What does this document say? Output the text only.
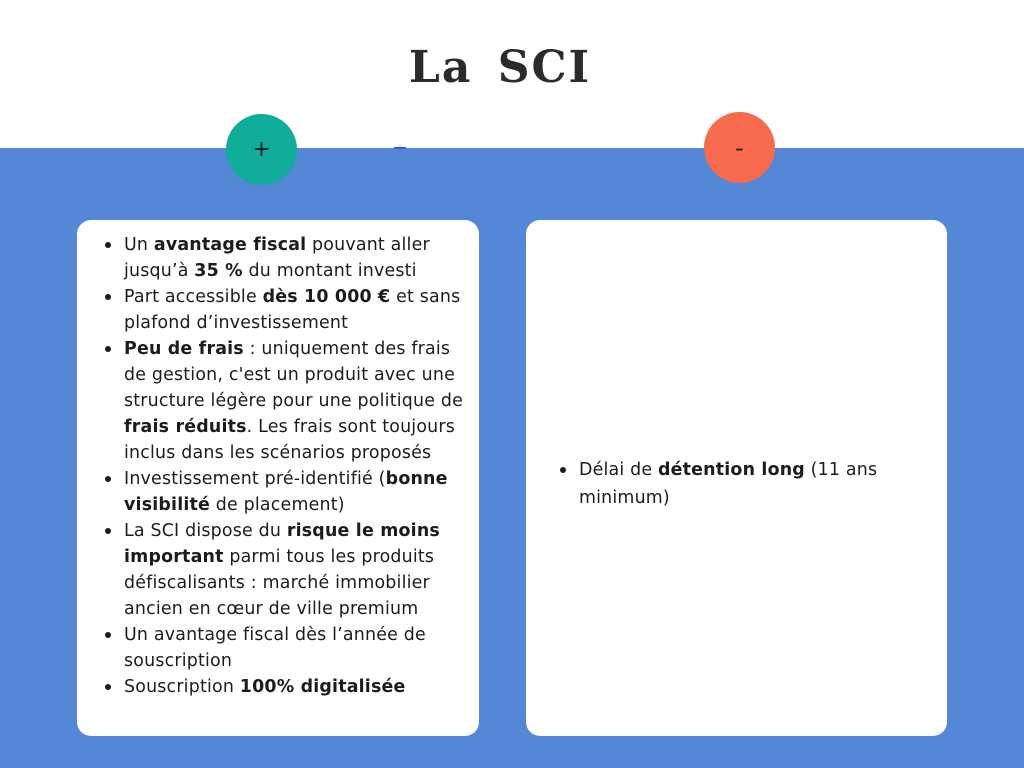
La SCI
+	-
Un avantage fiscal pouvant aller jusqu’à 35 % du montant investi
Part accessible dès 10 000 € et sans plafond d’investissement
Peu de frais : uniquement des frais de gestion, c'est un produit avec une structure légère pour une politique de frais réduits. Les frais sont toujours inclus dans les scénarios proposés
Investissement pré-identifié (bonne visibilité de placement)
La SCI dispose du risque le moins important parmi tous les produits défiscalisants : marché immobilier ancien en cœur de ville premium
Un avantage fiscal dès l’année de souscription
Souscription 100% digitalisée
Délai de détention long (11 ans minimum)
